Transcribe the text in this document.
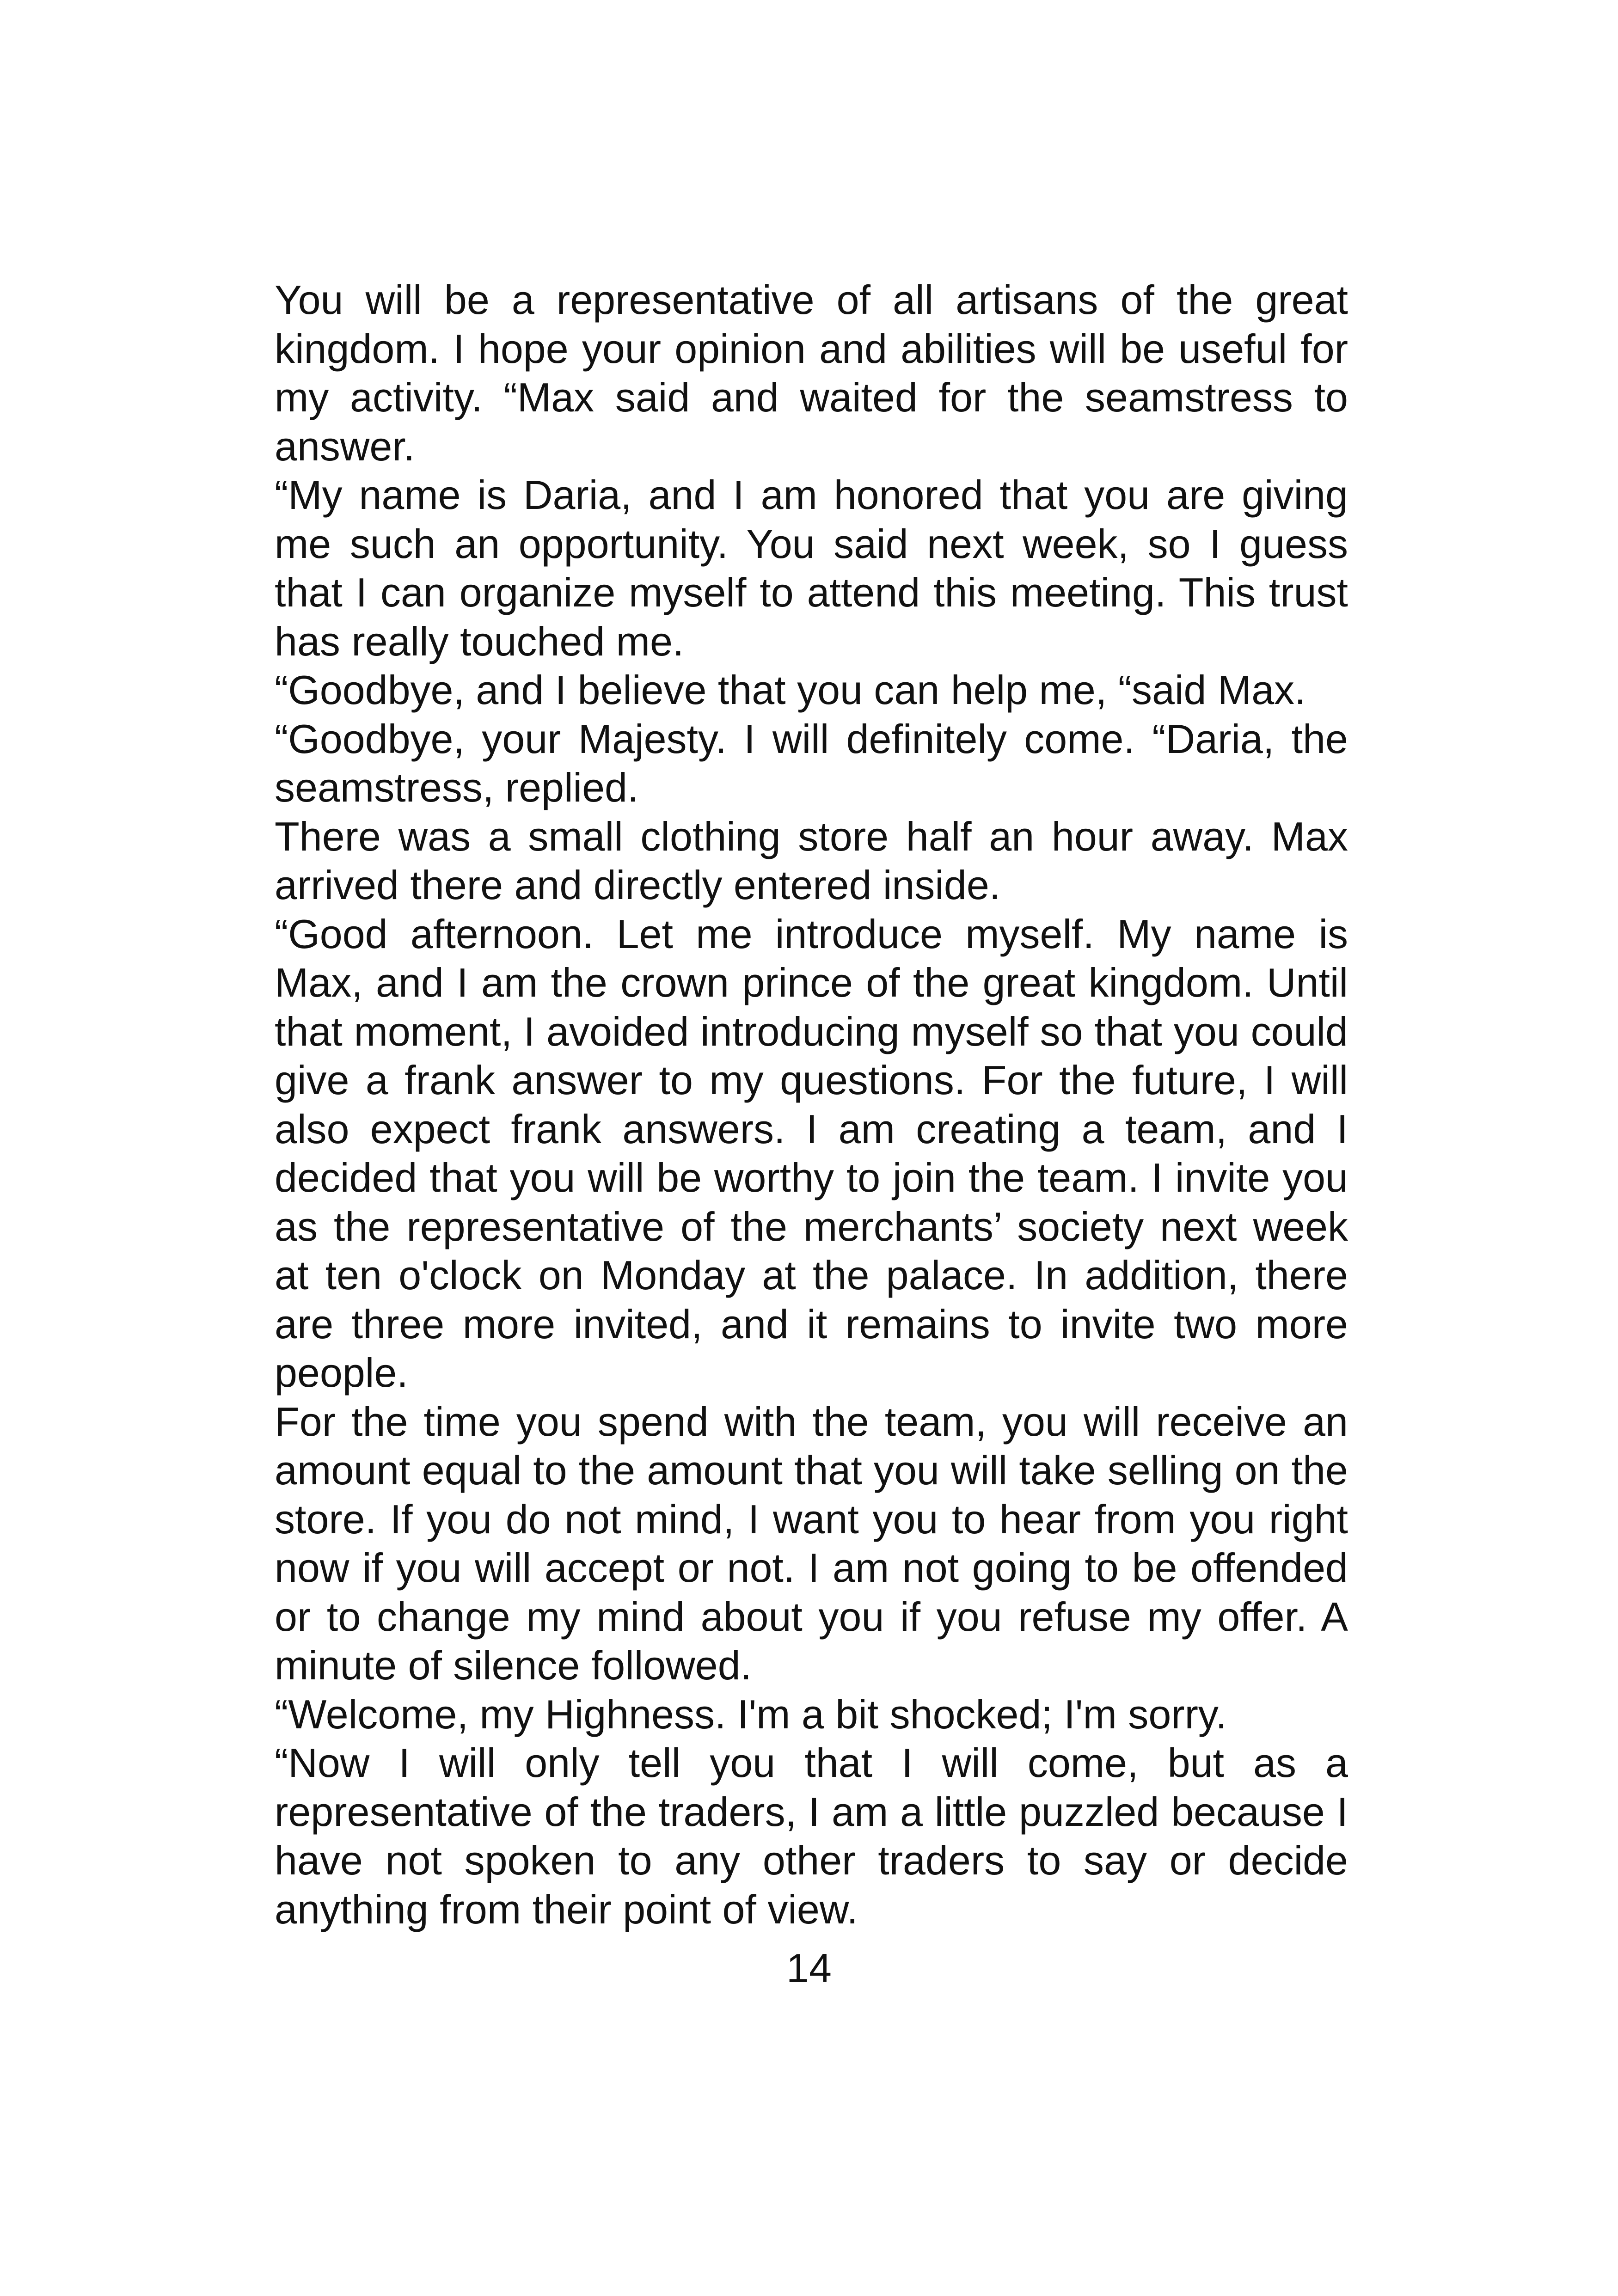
You will be a representative of all artisans of the great kingdom. I hope your opinion and abilities will be useful for my activity. “Max said and waited for the seamstress to answer.

“My name is Daria, and I am honored that you are giving me such an opportunity. You said next week, so I guess that I can organize myself to attend this meeting. This trust has really touched me.

“Goodbye, and I believe that you can help me, “said Max.

“Goodbye, your Majesty. I will definitely come. “Daria, the seamstress, replied.

There was a small clothing store half an hour away. Max arrived there and directly entered inside.

“Good afternoon. Let me introduce myself. My name is Max, and I am the crown prince of the great kingdom. Until that moment, I avoided introducing myself so that you could give a frank answer to my questions. For the future, I will also expect frank answers. I am creating a team, and I decided that you will be worthy to join the team. I invite you as the representative of the merchants’ society next week at ten o'clock on Monday at the palace. In addition, there are three more invited, and it remains to invite two more people.

For the time you spend with the team, you will receive an amount equal to the amount that you will take selling on the store. If you do not mind, I want you to hear from you right now if you will accept or not. I am not going to be offended or to change my mind about you if you refuse my offer. A minute of silence followed.

“Welcome, my Highness. I'm a bit shocked; I'm sorry.

“Now I will only tell you that I will come, but as a representative of the traders, I am a little puzzled because I have not spoken to any other traders to say or decide anything from their point of view.

14
